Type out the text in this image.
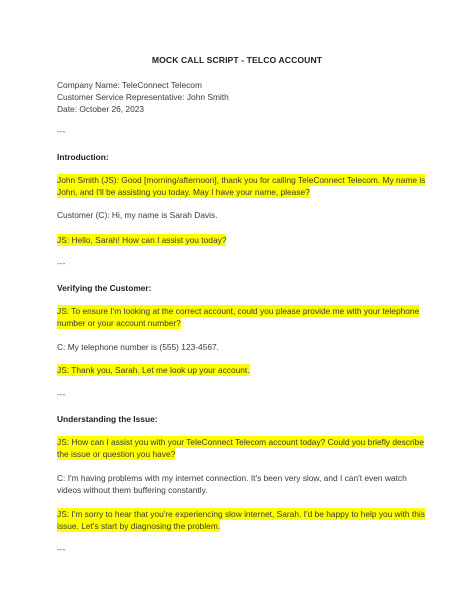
MOCK CALL SCRIPT - TELCO ACCOUNT
Company Name: TeleConnect Telecom
Customer Service Representative: John Smith
Date: October 26, 2023
---
Introduction:
John Smith (JS): Good [morning/afternoon], thank you for calling TeleConnect Telecom. My name is John, and I'll be assisting you today. May I have your name, please?
Customer (C): Hi, my name is Sarah Davis.
JS: Hello, Sarah! How can I assist you today?
---
Verifying the Customer:
JS: To ensure I'm looking at the correct account, could you please provide me with your telephone number or your account number?
C: My telephone number is (555) 123-4567.
JS: Thank you, Sarah. Let me look up your account.
---
Understanding the Issue:
JS: How can I assist you with your TeleConnect Telecom account today? Could you briefly describe the issue or question you have?
C: I'm having problems with my internet connection. It's been very slow, and I can't even watch videos without them buffering constantly.
JS: I'm sorry to hear that you're experiencing slow internet, Sarah. I'd be happy to help you with this issue. Let's start by diagnosing the problem.
---
